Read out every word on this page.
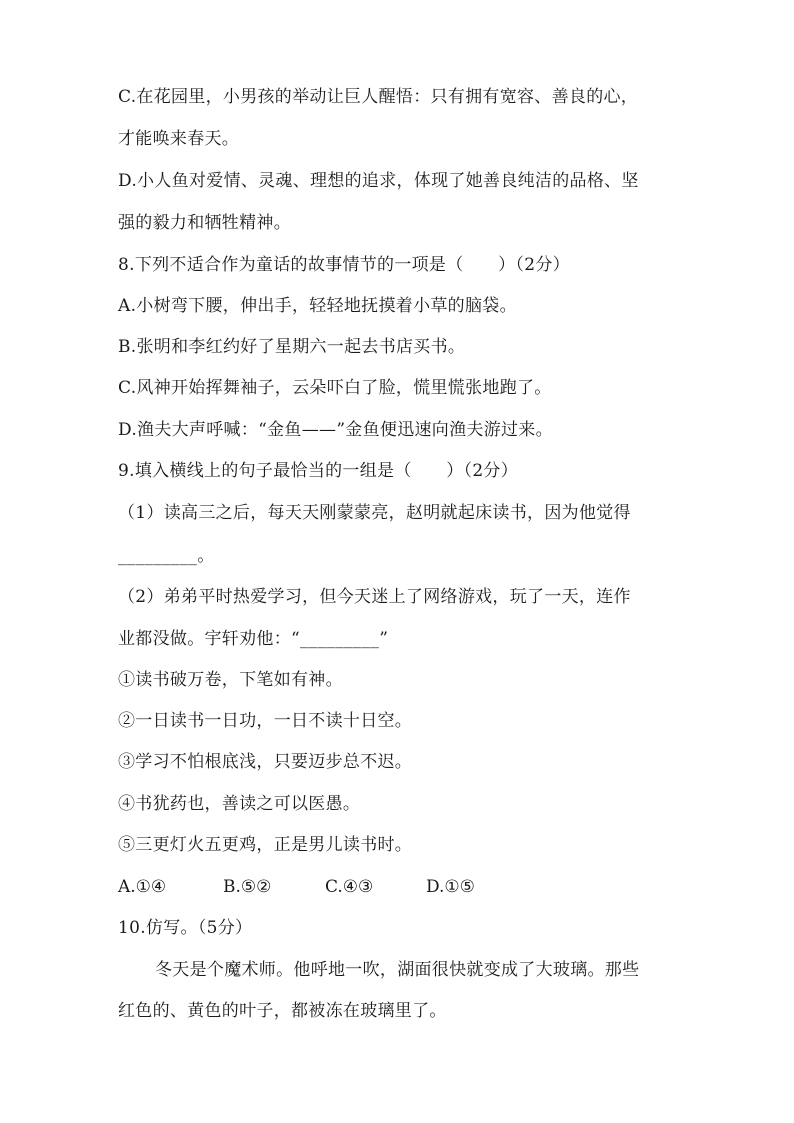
C.在花园里，小男孩的举动让巨人醒悟：只有拥有宽容、善良的心，
才能唤来春天。
D.小人鱼对爱情、灵魂、理想的追求，体现了她善良纯洁的品格、坚
强的毅力和牺牲精神。
8.下列不适合作为童话的故事情节的一项是（　　）（2分）
A.小树弯下腰，伸出手，轻轻地抚摸着小草的脑袋。
B.张明和李红约好了星期六一起去书店买书。
C.风神开始挥舞袖子，云朵吓白了脸，慌里慌张地跑了。
D.渔夫大声呼喊：“金鱼——”金鱼便迅速向渔夫游过来。
9.填入横线上的句子最恰当的一组是（　　）（2分）
（1）读高三之后，每天天刚蒙蒙亮，赵明就起床读书，因为他觉得
_________。
（2）弟弟平时热爱学习，但今天迷上了网络游戏，玩了一天，连作
业都没做。宇轩劝他：“_________”
①读书破万卷，下笔如有神。
②一日读书一日功，一日不读十日空。
③学习不怕根底浅，只要迈步总不迟。
④书犹药也，善读之可以医愚。
⑤三更灯火五更鸡，正是男儿读书时。
A.①④	B.⑤②	C.④③	D.①⑤
10.仿写。（5分）
冬天是个魔术师。他呼地一吹，湖面很快就变成了大玻璃。那些
红色的、黄色的叶子，都被冻在玻璃里了。
